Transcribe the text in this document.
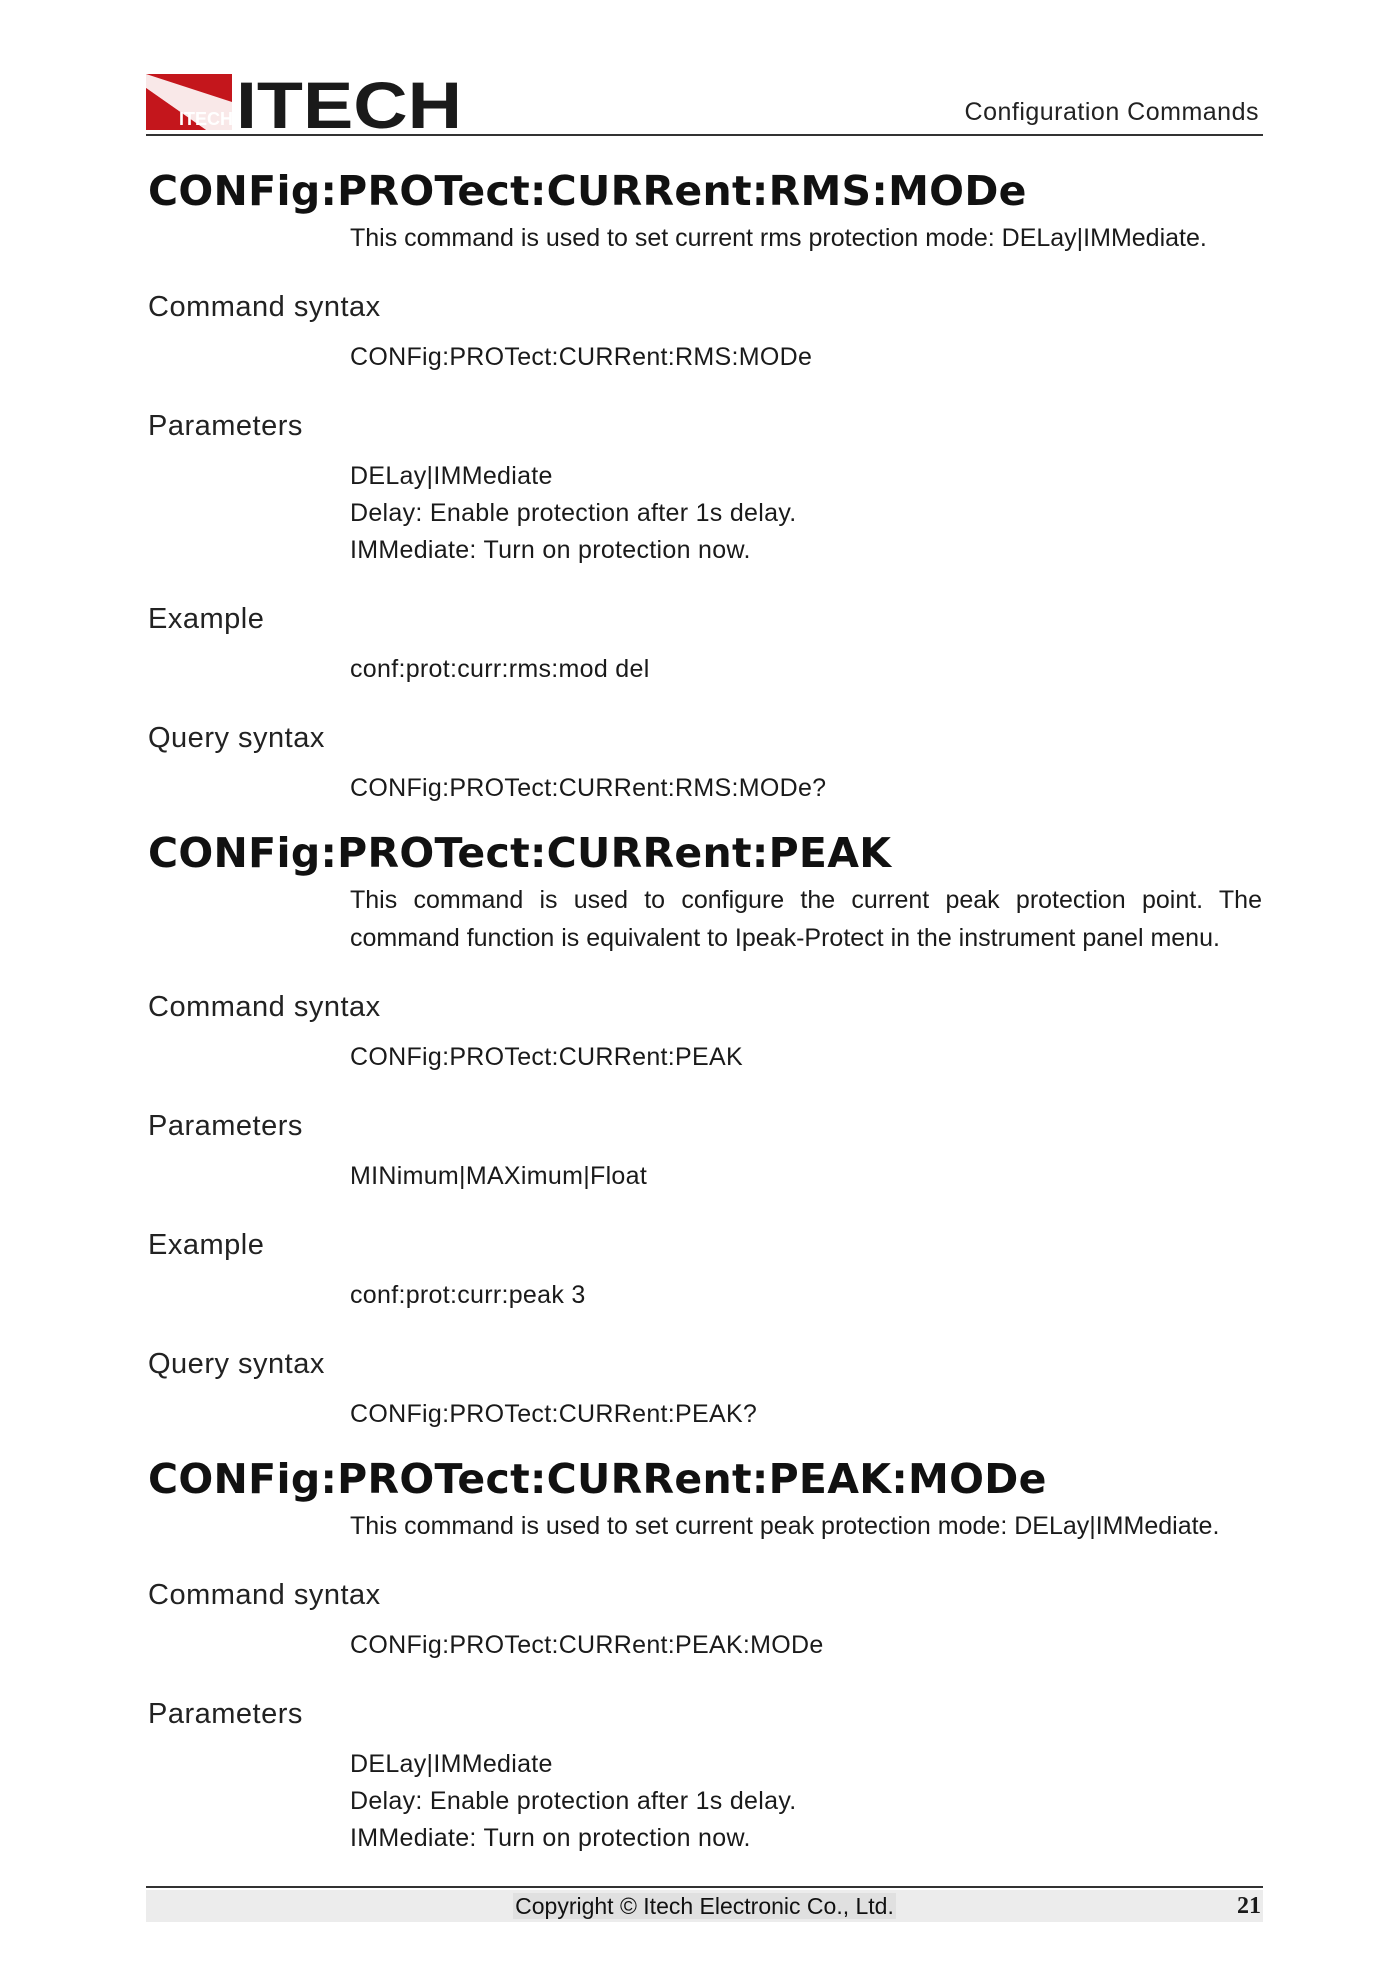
ITECH ITECH	Configuration Commands
CONFig:PROTect:CURRent:RMS:MODe
This command is used to set current rms protection mode: DELay|IMMediate.
Command syntax
CONFig:PROTect:CURRent:RMS:MODe
Parameters
DELay|IMMediate
Delay: Enable protection after 1s delay.
IMMediate: Turn on protection now.
Example
conf:prot:curr:rms:mod del
Query syntax
CONFig:PROTect:CURRent:RMS:MODe?
CONFig:PROTect:CURRent:PEAK
This command is used to configure the current peak protection point. The command function is equivalent to Ipeak-Protect in the instrument panel menu.
Command syntax
CONFig:PROTect:CURRent:PEAK
Parameters
MINimum|MAXimum|Float
Example
conf:prot:curr:peak 3
Query syntax
CONFig:PROTect:CURRent:PEAK?
CONFig:PROTect:CURRent:PEAK:MODe
This command is used to set current peak protection mode: DELay|IMMediate.
Command syntax
CONFig:PROTect:CURRent:PEAK:MODe
Parameters
DELay|IMMediate
Delay: Enable protection after 1s delay.
IMMediate: Turn on protection now.
Copyright © Itech Electronic Co., Ltd.	21
